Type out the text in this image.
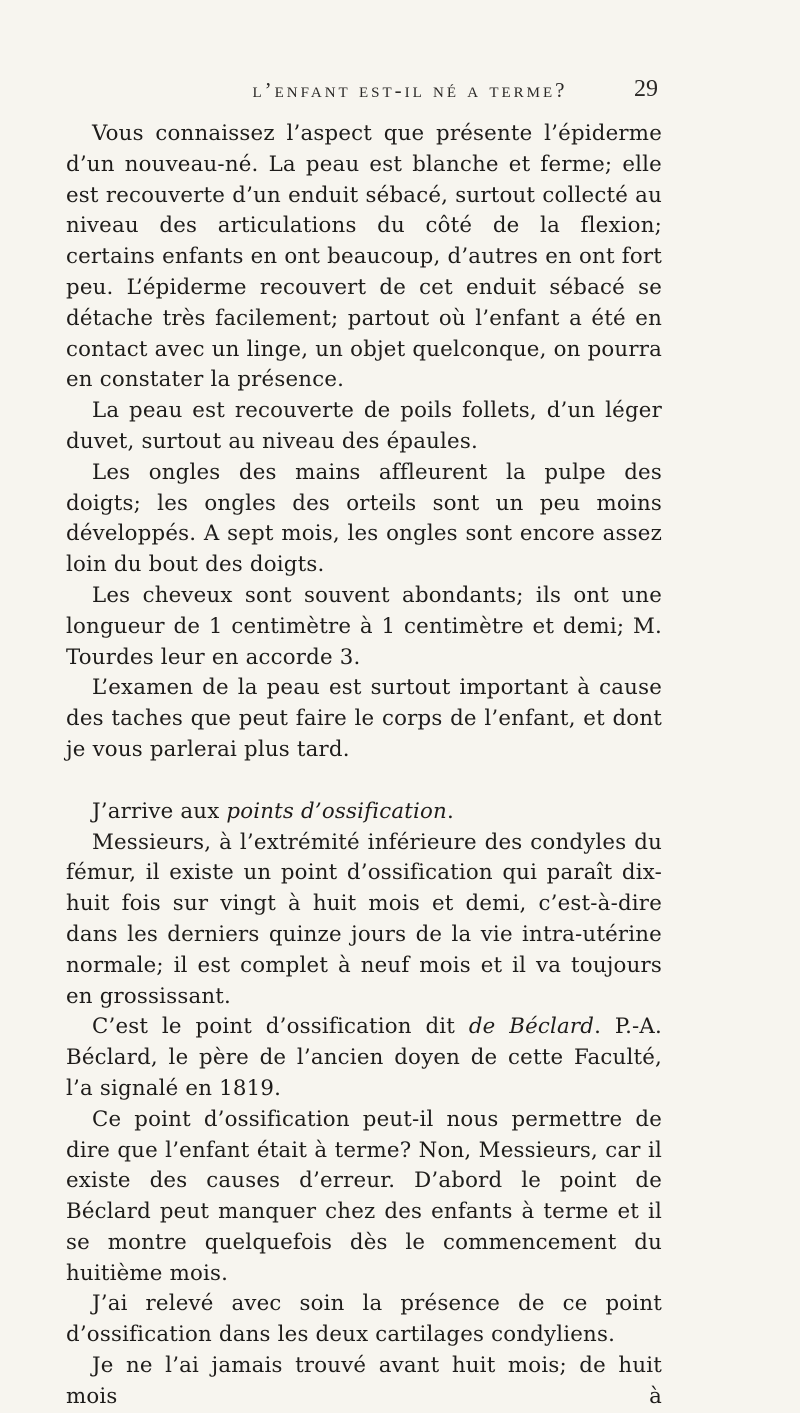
l’enfant est-il né a terme?	29

Vous connaissez l’aspect que présente l’épiderme d’un nouveau-né. La peau est blanche et ferme; elle est recouverte d’un enduit sébacé, surtout collecté au niveau des articulations du côté de la flexion; certains enfants en ont beaucoup, d’autres en ont fort peu. L’épiderme recouvert de cet enduit sébacé se détache très facilement; partout où l’enfant a été en contact avec un linge, un objet quelconque, on pourra en constater la présence.

La peau est recouverte de poils follets, d’un léger duvet, surtout au niveau des épaules.

Les ongles des mains affleurent la pulpe des doigts; les ongles des orteils sont un peu moins développés. A sept mois, les ongles sont encore assez loin du bout des doigts.

Les cheveux sont souvent abondants; ils ont une longueur de 1 centimètre à 1 centimètre et demi; M. Tourdes leur en accorde 3.

L’examen de la peau est surtout important à cause des taches que peut faire le corps de l’enfant, et dont je vous parlerai plus tard.

J’arrive aux points d’ossification.

Messieurs, à l’extrémité inférieure des condyles du fémur, il existe un point d’ossification qui paraît dix-huit fois sur vingt à huit mois et demi, c’est-à-dire dans les derniers quinze jours de la vie intra-utérine normale; il est complet à neuf mois et il va toujours en grossissant.

C’est le point d’ossification dit de Béclard. P.-A. Béclard, le père de l’ancien doyen de cette Faculté, l’a signalé en 1819.

Ce point d’ossification peut-il nous permettre de dire que l’enfant était à terme? Non, Messieurs, car il existe des causes d’erreur. D’abord le point de Béclard peut manquer chez des enfants à terme et il se montre quelquefois dès le commencement du huitième mois.

J’ai relevé avec soin la présence de ce point d’ossification dans les deux cartilages condyliens.

Je ne l’ai jamais trouvé avant huit mois; de huit mois à
